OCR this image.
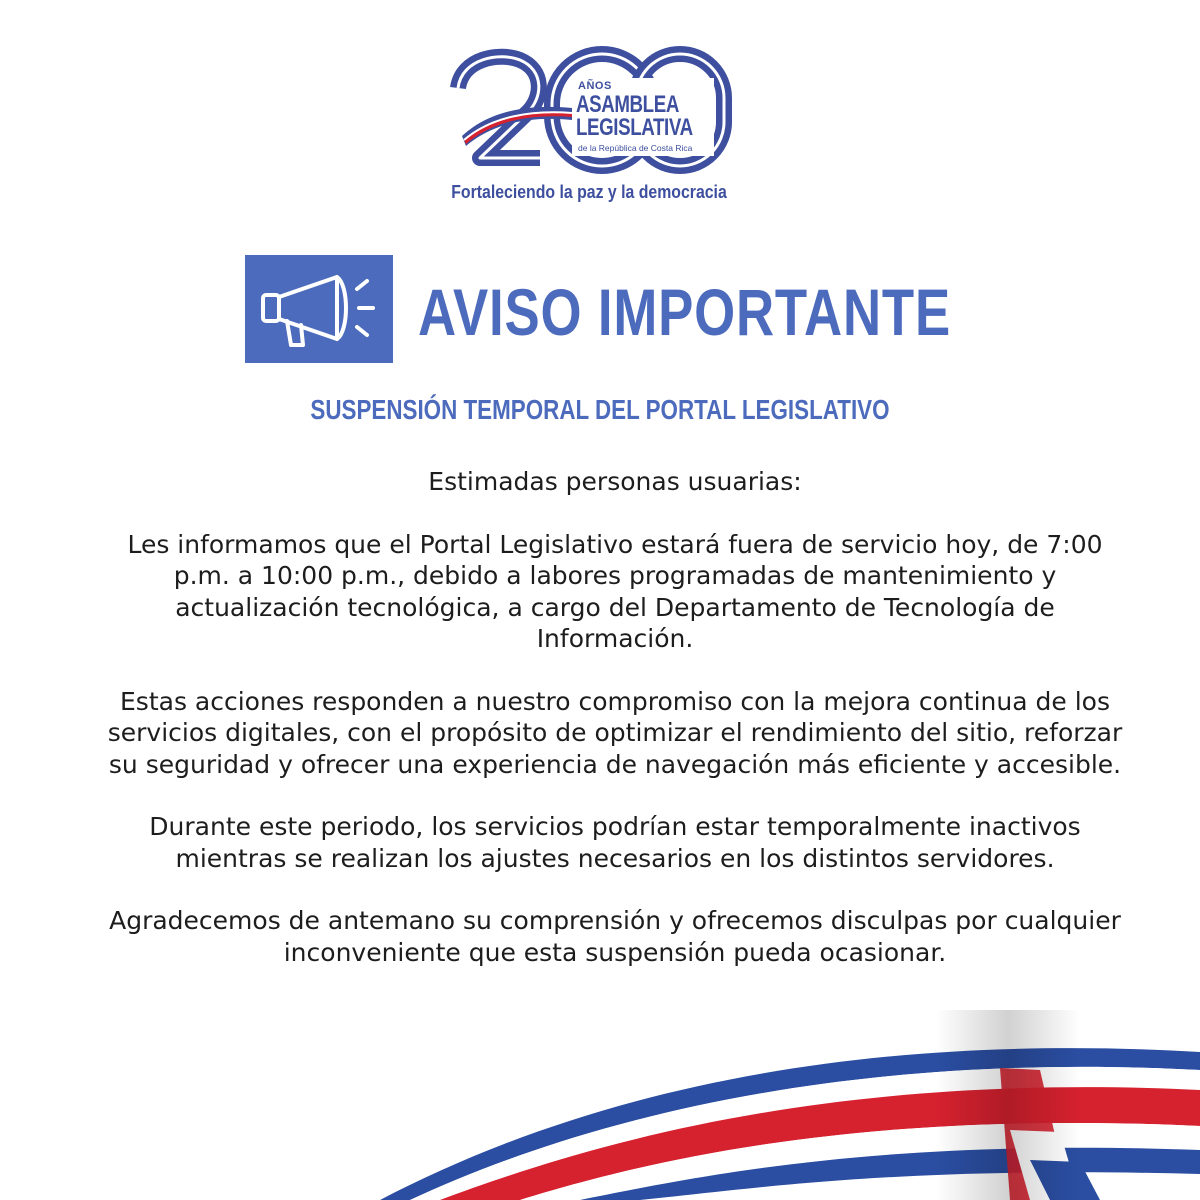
AÑOS
ASAMBLEA
LEGISLATIVA
de la República de Costa Rica
Fortaleciendo la paz y la democracia
AVISO IMPORTANTE
SUSPENSIÓN TEMPORAL DEL PORTAL LEGISLATIVO

Estimadas personas usuarias:

Les informamos que el Portal Legislativo estará fuera de servicio hoy, de 7:00 p.m. a 10:00 p.m., debido a labores programadas de mantenimiento y actualización tecnológica, a cargo del Departamento de Tecnología de Información.

Estas acciones responden a nuestro compromiso con la mejora continua de los servicios digitales, con el propósito de optimizar el rendimiento del sitio, reforzar su seguridad y ofrecer una experiencia de navegación más eficiente y accesible.

Durante este periodo, los servicios podrían estar temporalmente inactivos mientras se realizan los ajustes necesarios en los distintos servidores.

Agradecemos de antemano su comprensión y ofrecemos disculpas por cualquier inconveniente que esta suspensión pueda ocasionar.
